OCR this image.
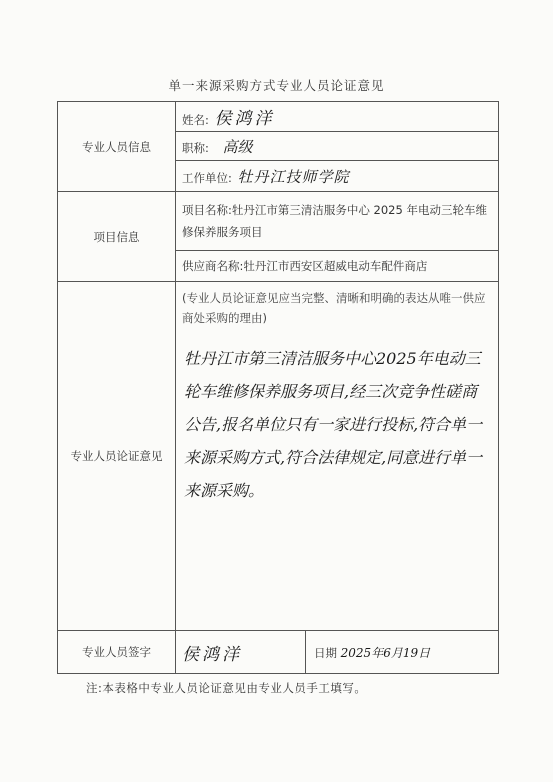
单一来源采购方式专业人员论证意见
专业人员信息	姓名: 侯鸿洋	
	职称: 高级	
	工作单位: 牡丹江技师学院	
项目信息	项目名称:牡丹江市第三清洁服务中心 2025 年电动三轮车维修保养服务项目	
	供应商名称:牡丹江市西安区超威电动车配件商店	
专业人员论证意见	(专业人员论证意见应当完整、清晰和明确的表达从唯一供应商处采购的理由)
牡丹江市第三清洁服务中心2025年电动三轮车维修保养服务项目,经三次竞争性磋商公告,报名单位只有一家进行投标,符合单一来源采购方式,符合法律规定,同意进行单一来源采购。	

专业人员签字	侯鸿洋	日期 2025年6月19日
注:本表格中专业人员论证意见由专业人员手工填写。
